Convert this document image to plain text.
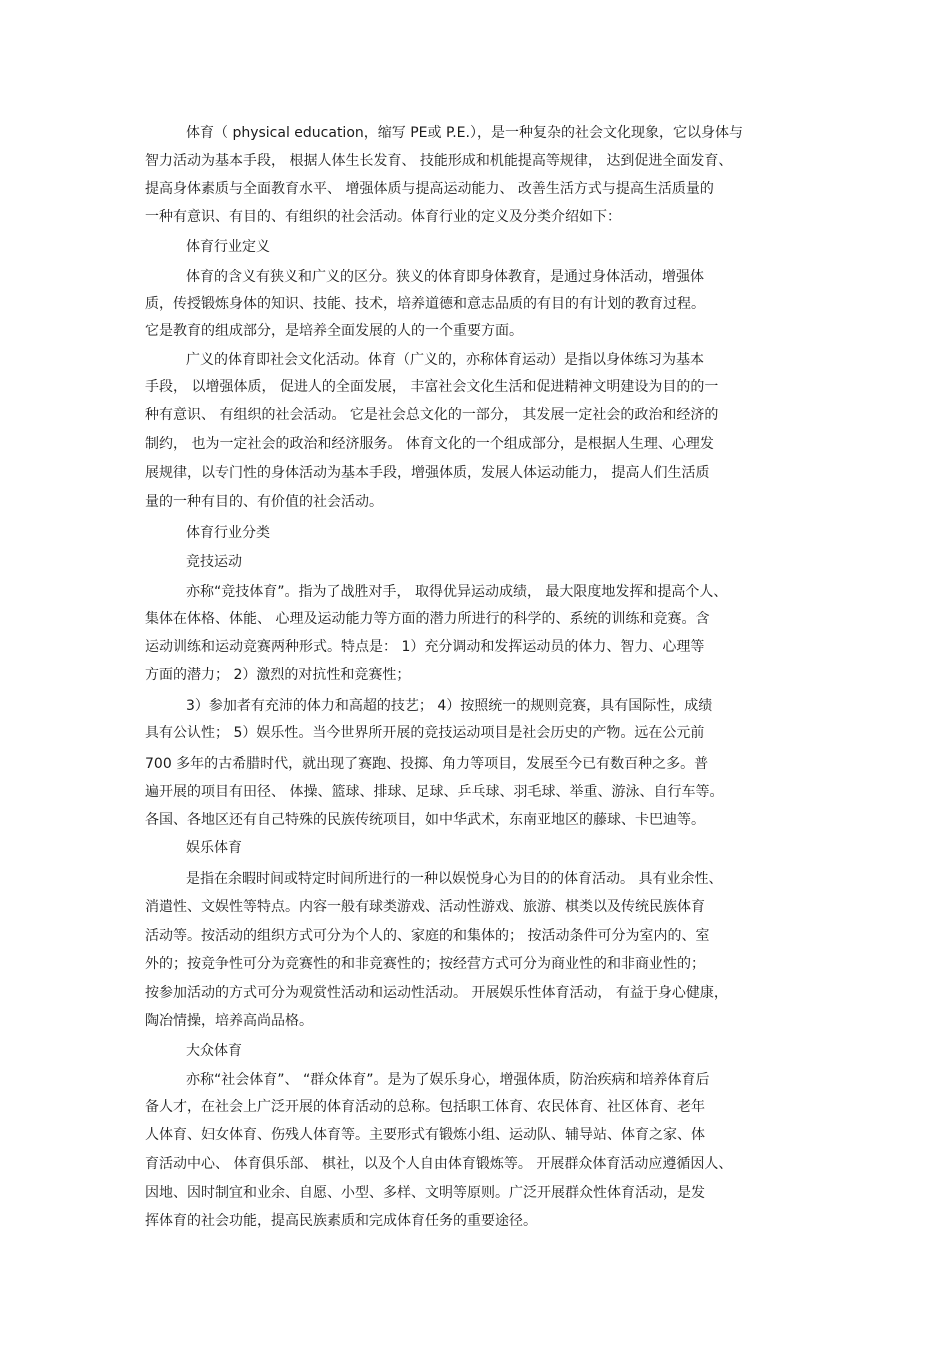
体育（ physical education，缩写 PE或 P.E.），是一种复杂的社会文化现象，它以身体与
智力活动为基本手段， 根据人体生长发育、 技能形成和机能提高等规律， 达到促进全面发育、
提高身体素质与全面教育水平、 增强体质与提高运动能力、 改善生活方式与提高生活质量的
一种有意识、有目的、有组织的社会活动。体育行业的定义及分类介绍如下：
体育行业定义
体育的含义有狭义和广义的区分。狭义的体育即身体教育，是通过身体活动，增强体
质，传授锻炼身体的知识、技能、技术，培养道德和意志品质的有目的有计划的教育过程。
它是教育的组成部分，是培养全面发展的人的一个重要方面。
广义的体育即社会文化活动。体育（广义的，亦称体育运动）是指以身体练习为基本
手段， 以增强体质， 促进人的全面发展， 丰富社会文化生活和促进精神文明建设为目的的一
种有意识、 有组织的社会活动。 它是社会总文化的一部分， 其发展一定社会的政治和经济的
制约， 也为一定社会的政治和经济服务。 体育文化的一个组成部分，是根据人生理、心理发
展规律，以专门性的身体活动为基本手段，增强体质，发展人体运动能力， 提高人们生活质
量的一种有目的、有价值的社会活动。
体育行业分类
竞技运动
亦称“竞技体育”。指为了战胜对手， 取得优异运动成绩， 最大限度地发挥和提高个人、
集体在体格、体能、 心理及运动能力等方面的潜力所进行的科学的、系统的训练和竞赛。含
运动训练和运动竞赛两种形式。特点是： 1）充分调动和发挥运动员的体力、智力、心理等
方面的潜力； 2）激烈的对抗性和竞赛性；
3）参加者有充沛的体力和高超的技艺； 4）按照统一的规则竞赛，具有国际性，成绩
具有公认性； 5）娱乐性。当今世界所开展的竞技运动项目是社会历史的产物。远在公元前
700 多年的古希腊时代，就出现了赛跑、投掷、角力等项目，发展至今已有数百种之多。普
遍开展的项目有田径、 体操、篮球、排球、足球、乒乓球、羽毛球、举重、游泳、自行车等。
各国、各地区还有自己特殊的民族传统项目，如中华武术，东南亚地区的藤球、卡巴迪等。
娱乐体育
是指在余暇时间或特定时间所进行的一种以娱悦身心为目的的体育活动。 具有业余性、
消遣性、文娱性等特点。内容一般有球类游戏、活动性游戏、旅游、棋类以及传统民族体育
活动等。按活动的组织方式可分为个人的、家庭的和集体的； 按活动条件可分为室内的、室
外的；按竞争性可分为竞赛性的和非竞赛性的；按经营方式可分为商业性的和非商业性的；
按参加活动的方式可分为观赏性活动和运动性活动。 开展娱乐性体育活动， 有益于身心健康，
陶冶情操，培养高尚品格。
大众体育
亦称“社会体育”、 “群众体育”。是为了娱乐身心，增强体质，防治疾病和培养体育后
备人才，在社会上广泛开展的体育活动的总称。包括职工体育、农民体育、社区体育、老年
人体育、妇女体育、伤残人体育等。主要形式有锻炼小组、运动队、辅导站、体育之家、体
育活动中心、 体育俱乐部、 棋社，以及个人自由体育锻炼等。 开展群众体育活动应遵循因人、
因地、因时制宜和业余、自愿、小型、多样、文明等原则。广泛开展群众性体育活动，是发
挥体育的社会功能，提高民族素质和完成体育任务的重要途径。
